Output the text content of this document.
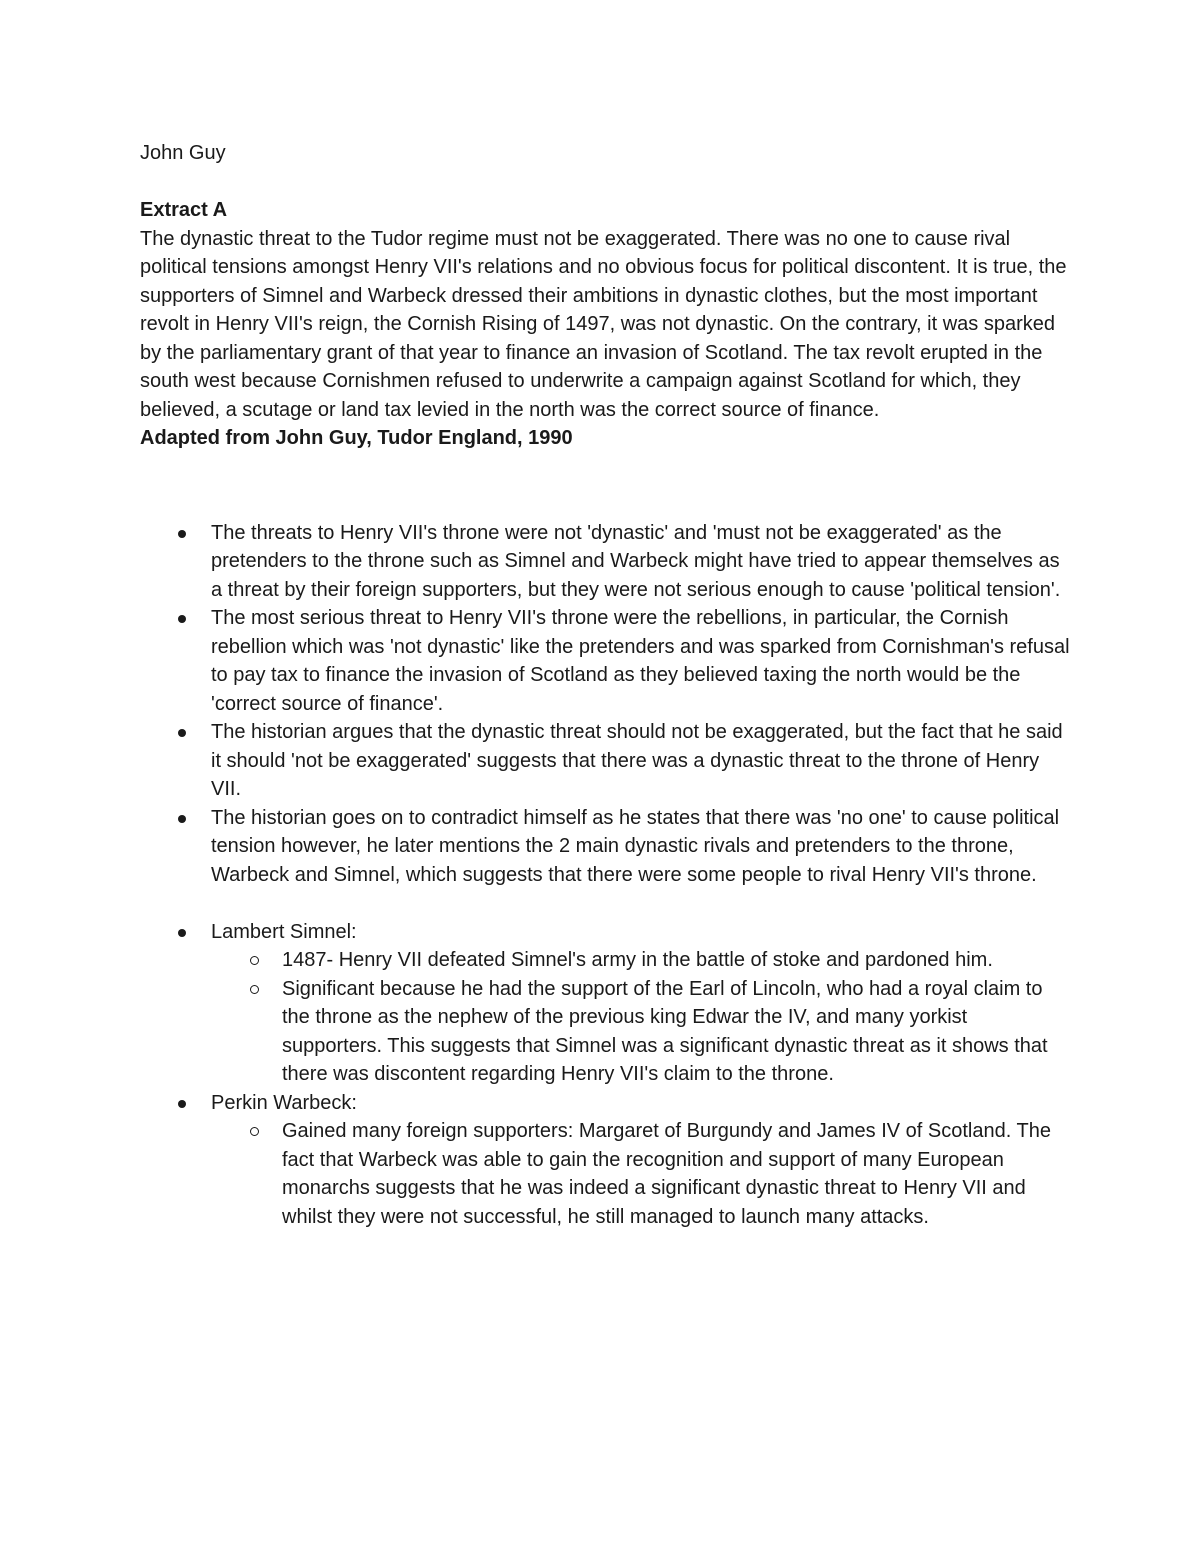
John Guy

Extract A

The dynastic threat to the Tudor regime must not be exaggerated. There was no one to cause rival political tensions amongst Henry VII's relations and no obvious focus for political discontent. It is true, the supporters of Simnel and Warbeck dressed their ambitions in dynastic clothes, but the most important revolt in Henry VII's reign, the Cornish Rising of 1497, was not dynastic. On the contrary, it was sparked by the parliamentary grant of that year to finance an invasion of Scotland. The tax revolt erupted in the south west because Cornishmen refused to underwrite a campaign against Scotland for which, they believed, a scutage or land tax levied in the north was the correct source of finance.

Adapted from John Guy, Tudor England, 1990

The threats to Henry VII's throne were not 'dynastic' and 'must not be exaggerated' as the pretenders to the throne such as Simnel and Warbeck might have tried to appear themselves as a threat by their foreign supporters, but they were not serious enough to cause 'political tension'.
The most serious threat to Henry VII's throne were the rebellions, in particular, the Cornish rebellion which was 'not dynastic' like the pretenders and was sparked from Cornishman's refusal to pay tax to finance the invasion of Scotland as they believed taxing the north would be the 'correct source of finance'.
The historian argues that the dynastic threat should not be exaggerated, but the fact that he said it should 'not be exaggerated' suggests that there was a dynastic threat to the throne of Henry VII.
The historian goes on to contradict himself as he states that there was 'no one' to cause political tension however, he later mentions the 2 main dynastic rivals and pretenders to the throne, Warbeck and Simnel, which suggests that there were some people to rival Henry VII's throne.
Lambert Simnel:
1487- Henry VII defeated Simnel's army in the battle of stoke and pardoned him.
Significant because he had the support of the Earl of Lincoln, who had a royal claim to the throne as the nephew of the previous king Edwar the IV, and many yorkist supporters. This suggests that Simnel was a significant dynastic threat as it shows that there was discontent regarding Henry VII's claim to the throne.
Perkin Warbeck:
Gained many foreign supporters: Margaret of Burgundy and James IV of Scotland. The fact that Warbeck was able to gain the recognition and support of many European monarchs suggests that he was indeed a significant dynastic threat to Henry VII and whilst they were not successful, he still managed to launch many attacks.
